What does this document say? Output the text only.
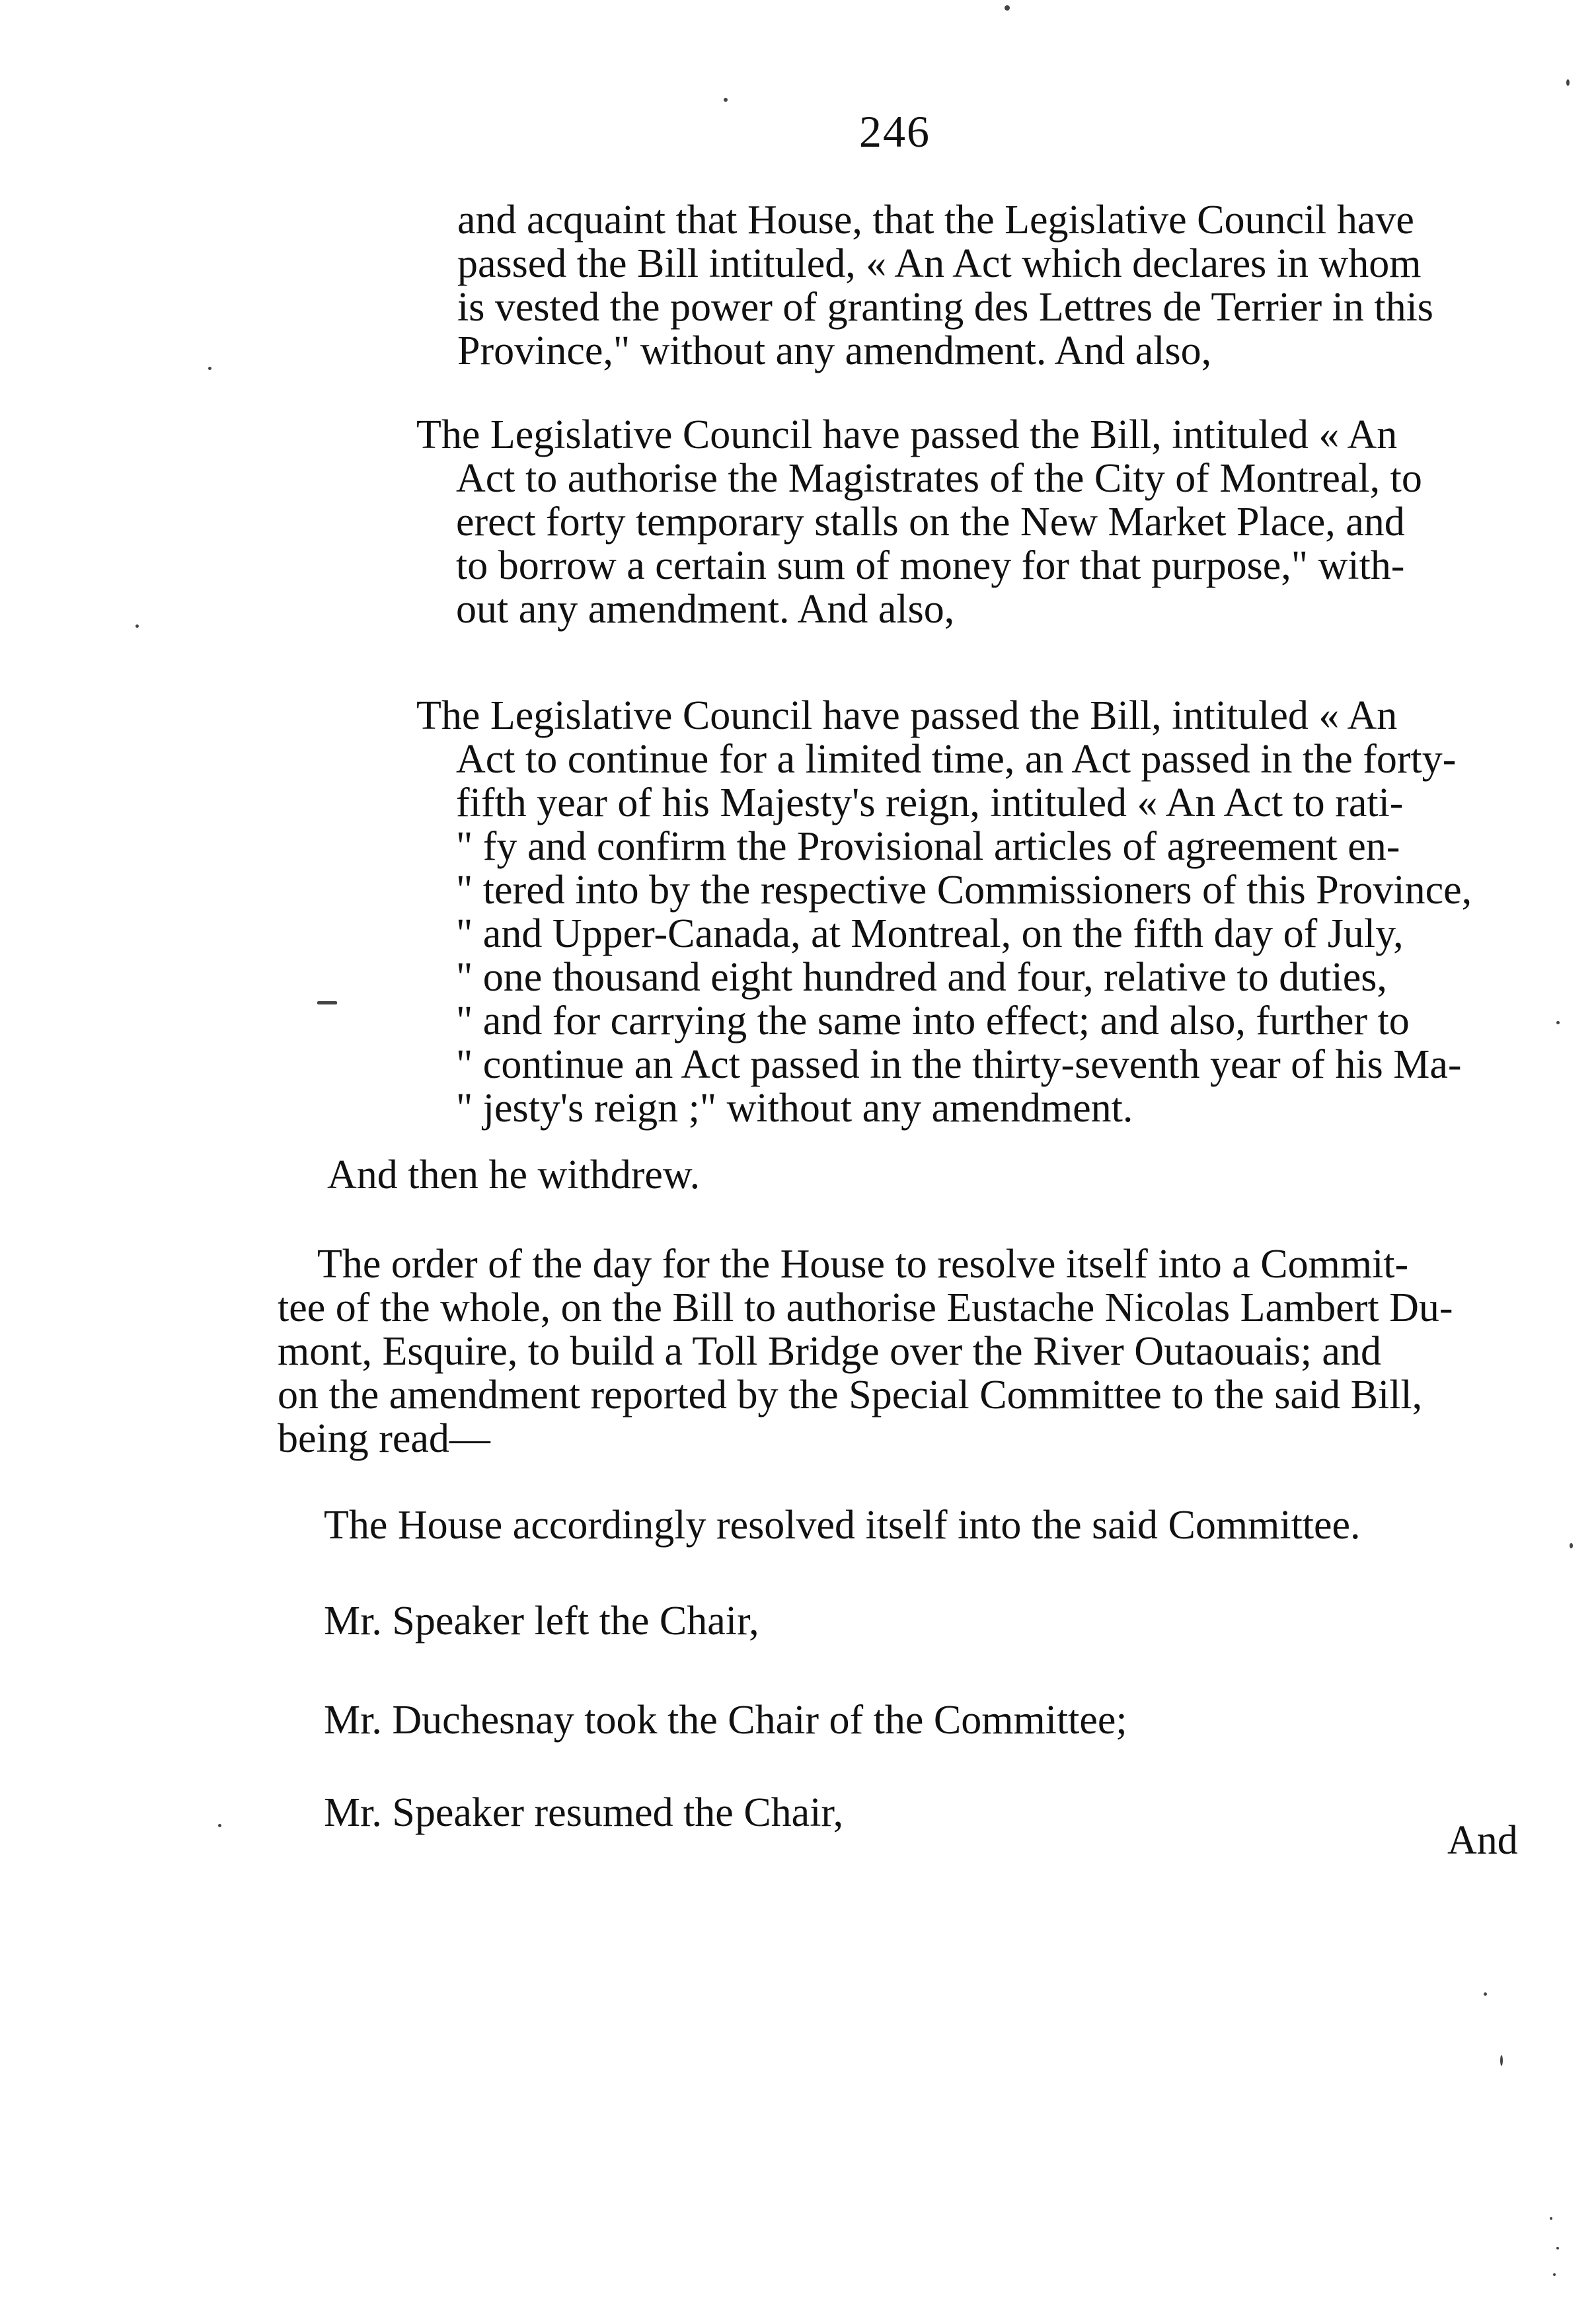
246
and acquaint that House, that the Legislative Council have
passed the Bill intituled, « An Act which declares in whom
is vested the power of granting des Lettres de Terrier in this
Province," without any amendment. And also,
The Legislative Council have passed the Bill, intituled « An
Act to authorise the Magistrates of the City of Montreal, to
erect forty temporary stalls on the New Market Place, and
to borrow a certain sum of money for that purpose," with-
out any amendment. And also,
The Legislative Council have passed the Bill, intituled « An
Act to continue for a limited time, an Act passed in the forty-
fifth year of his Majesty's reign, intituled « An Act to rati-
" fy and confirm the Provisional articles of agreement en-
" tered into by the respective Commissioners of this Province,
" and Upper-Canada, at Montreal, on the fifth day of July,
" one thousand eight hundred and four, relative to duties,
" and for carrying the same into effect; and also, further to
" continue an Act passed in the thirty-seventh year of his Ma-
" jesty's reign ;" without any amendment.
And then he withdrew.
The order of the day for the House to resolve itself into a Commit-
tee of the whole, on the Bill to authorise Eustache Nicolas Lambert Du-
mont, Esquire, to build a Toll Bridge over the River Outaouais; and
on the amendment reported by the Special Committee to the said Bill,
being read—
The House accordingly resolved itself into the said Committee.
Mr. Speaker left the Chair,
Mr. Duchesnay took the Chair of the Committee;
Mr. Speaker resumed the Chair,
And
